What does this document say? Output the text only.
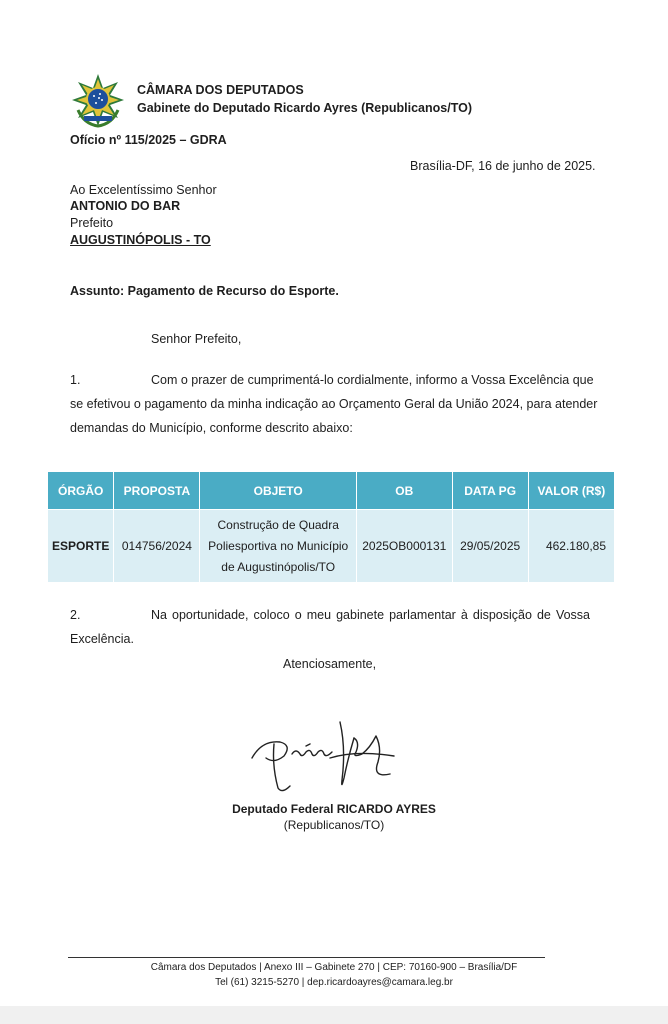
CÂMARA DOS DEPUTADOS
Gabinete do Deputado Ricardo Ayres (Republicanos/TO)
Ofício nº 115/2025 – GDRA
Brasília-DF, 16 de junho de 2025.
Ao Excelentíssimo Senhor
ANTONIO DO BAR
Prefeito
AUGUSTINÓPOLIS - TO
Assunto: Pagamento de Recurso do Esporte.
Senhor Prefeito,
1.	Com o prazer de cumprimentá-lo cordialmente, informo a Vossa Excelência que
se efetivou o pagamento da minha indicação ao Orçamento Geral da União 2024, para atender
demandas do Município, conforme descrito abaixo:
ÓRGÃO	PROPOSTA	OBJETO	OB	DATA PG	VALOR (R$)
ESPORTE	014756/2024	Construção de Quadra
Poliesportiva no Município
de Augustinópolis/TO	2025OB000131	29/05/2025	462.180,85
2.	Na oportunidade, coloco o meu gabinete parlamentar à disposição de Vossa
Excelência.
Atenciosamente,
Deputado Federal RICARDO AYRES
(Republicanos/TO)
Câmara dos Deputados | Anexo III – Gabinete 270 | CEP: 70160-900 – Brasília/DF
Tel (61) 3215-5270 | dep.ricardoayres@camara.leg.br
